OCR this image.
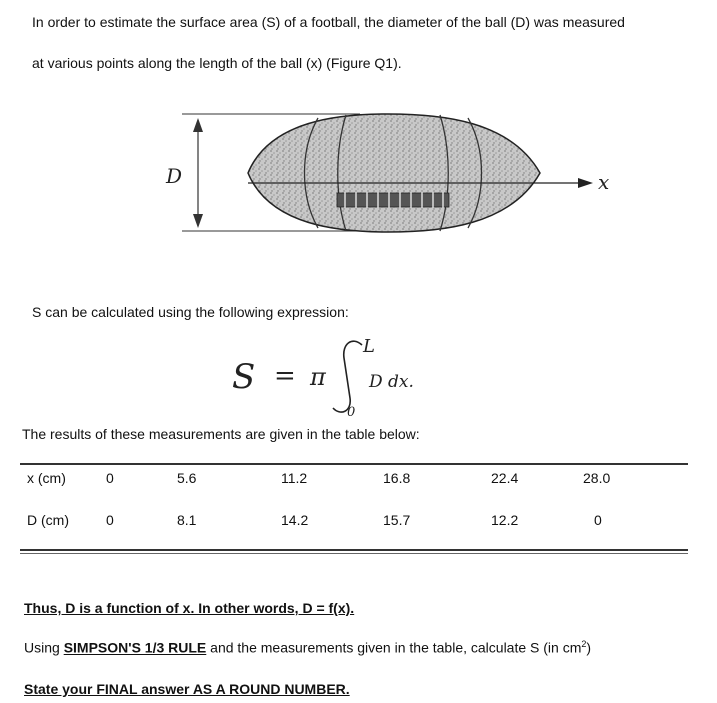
In order to estimate the surface area (S) of a football, the diameter of the ball (D) was measured
at various points along the length of the ball (x) (Figure Q1).
D	x
S = π
L
0
D dx.
S can be calculated using the following expression:
The results of these measurements are given in the table below:
x (cm)	0	5.6	11.2	16.8	22.4	28.0
D (cm)	0	8.1	14.2	15.7	12.2	0
Thus, D is a function of x. In other words, D = f(x).
Using SIMPSON'S 1/3 RULE and the measurements given in the table, calculate S (in $cm^2$)
State your FINAL answer AS A ROUND NUMBER.
